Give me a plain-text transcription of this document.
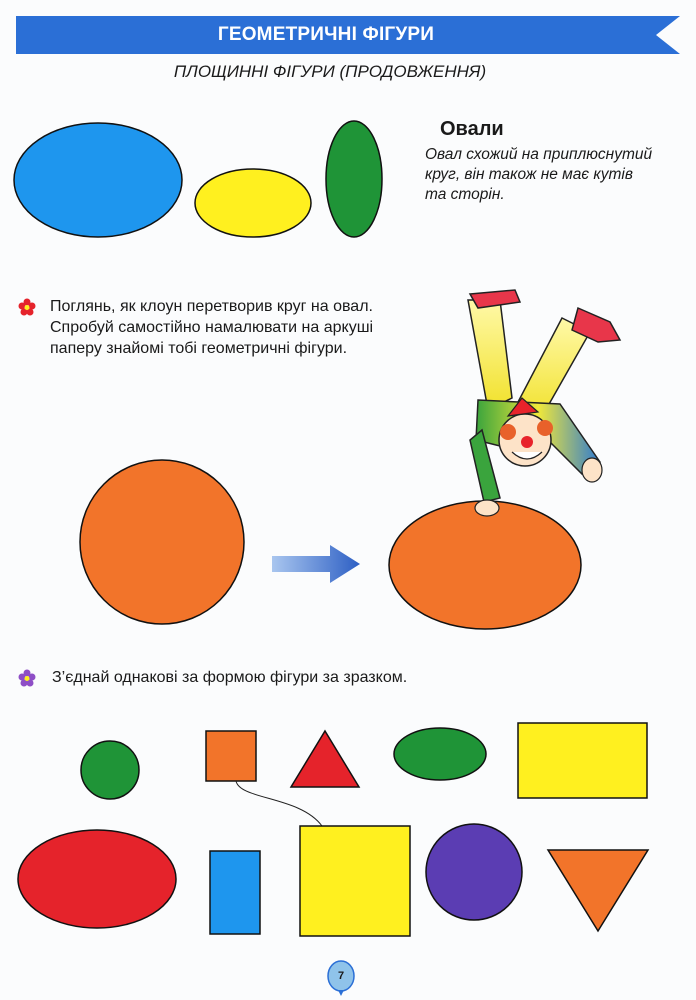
ГЕОМЕТРИЧНІ ФІГУРИ
ПЛОЩИННІ ФІГУРИ (ПРОДОВЖЕННЯ)
Овали
Овал схожий на приплюснутий круг, він також не має кутів та сторін.
Поглянь, як клоун перетворив круг на овал. Спробуй самостійно намалювати на аркуші паперу знайомі тобі геометричні фігури.
З’єднай однакові за формою фігури за зразком.
7
